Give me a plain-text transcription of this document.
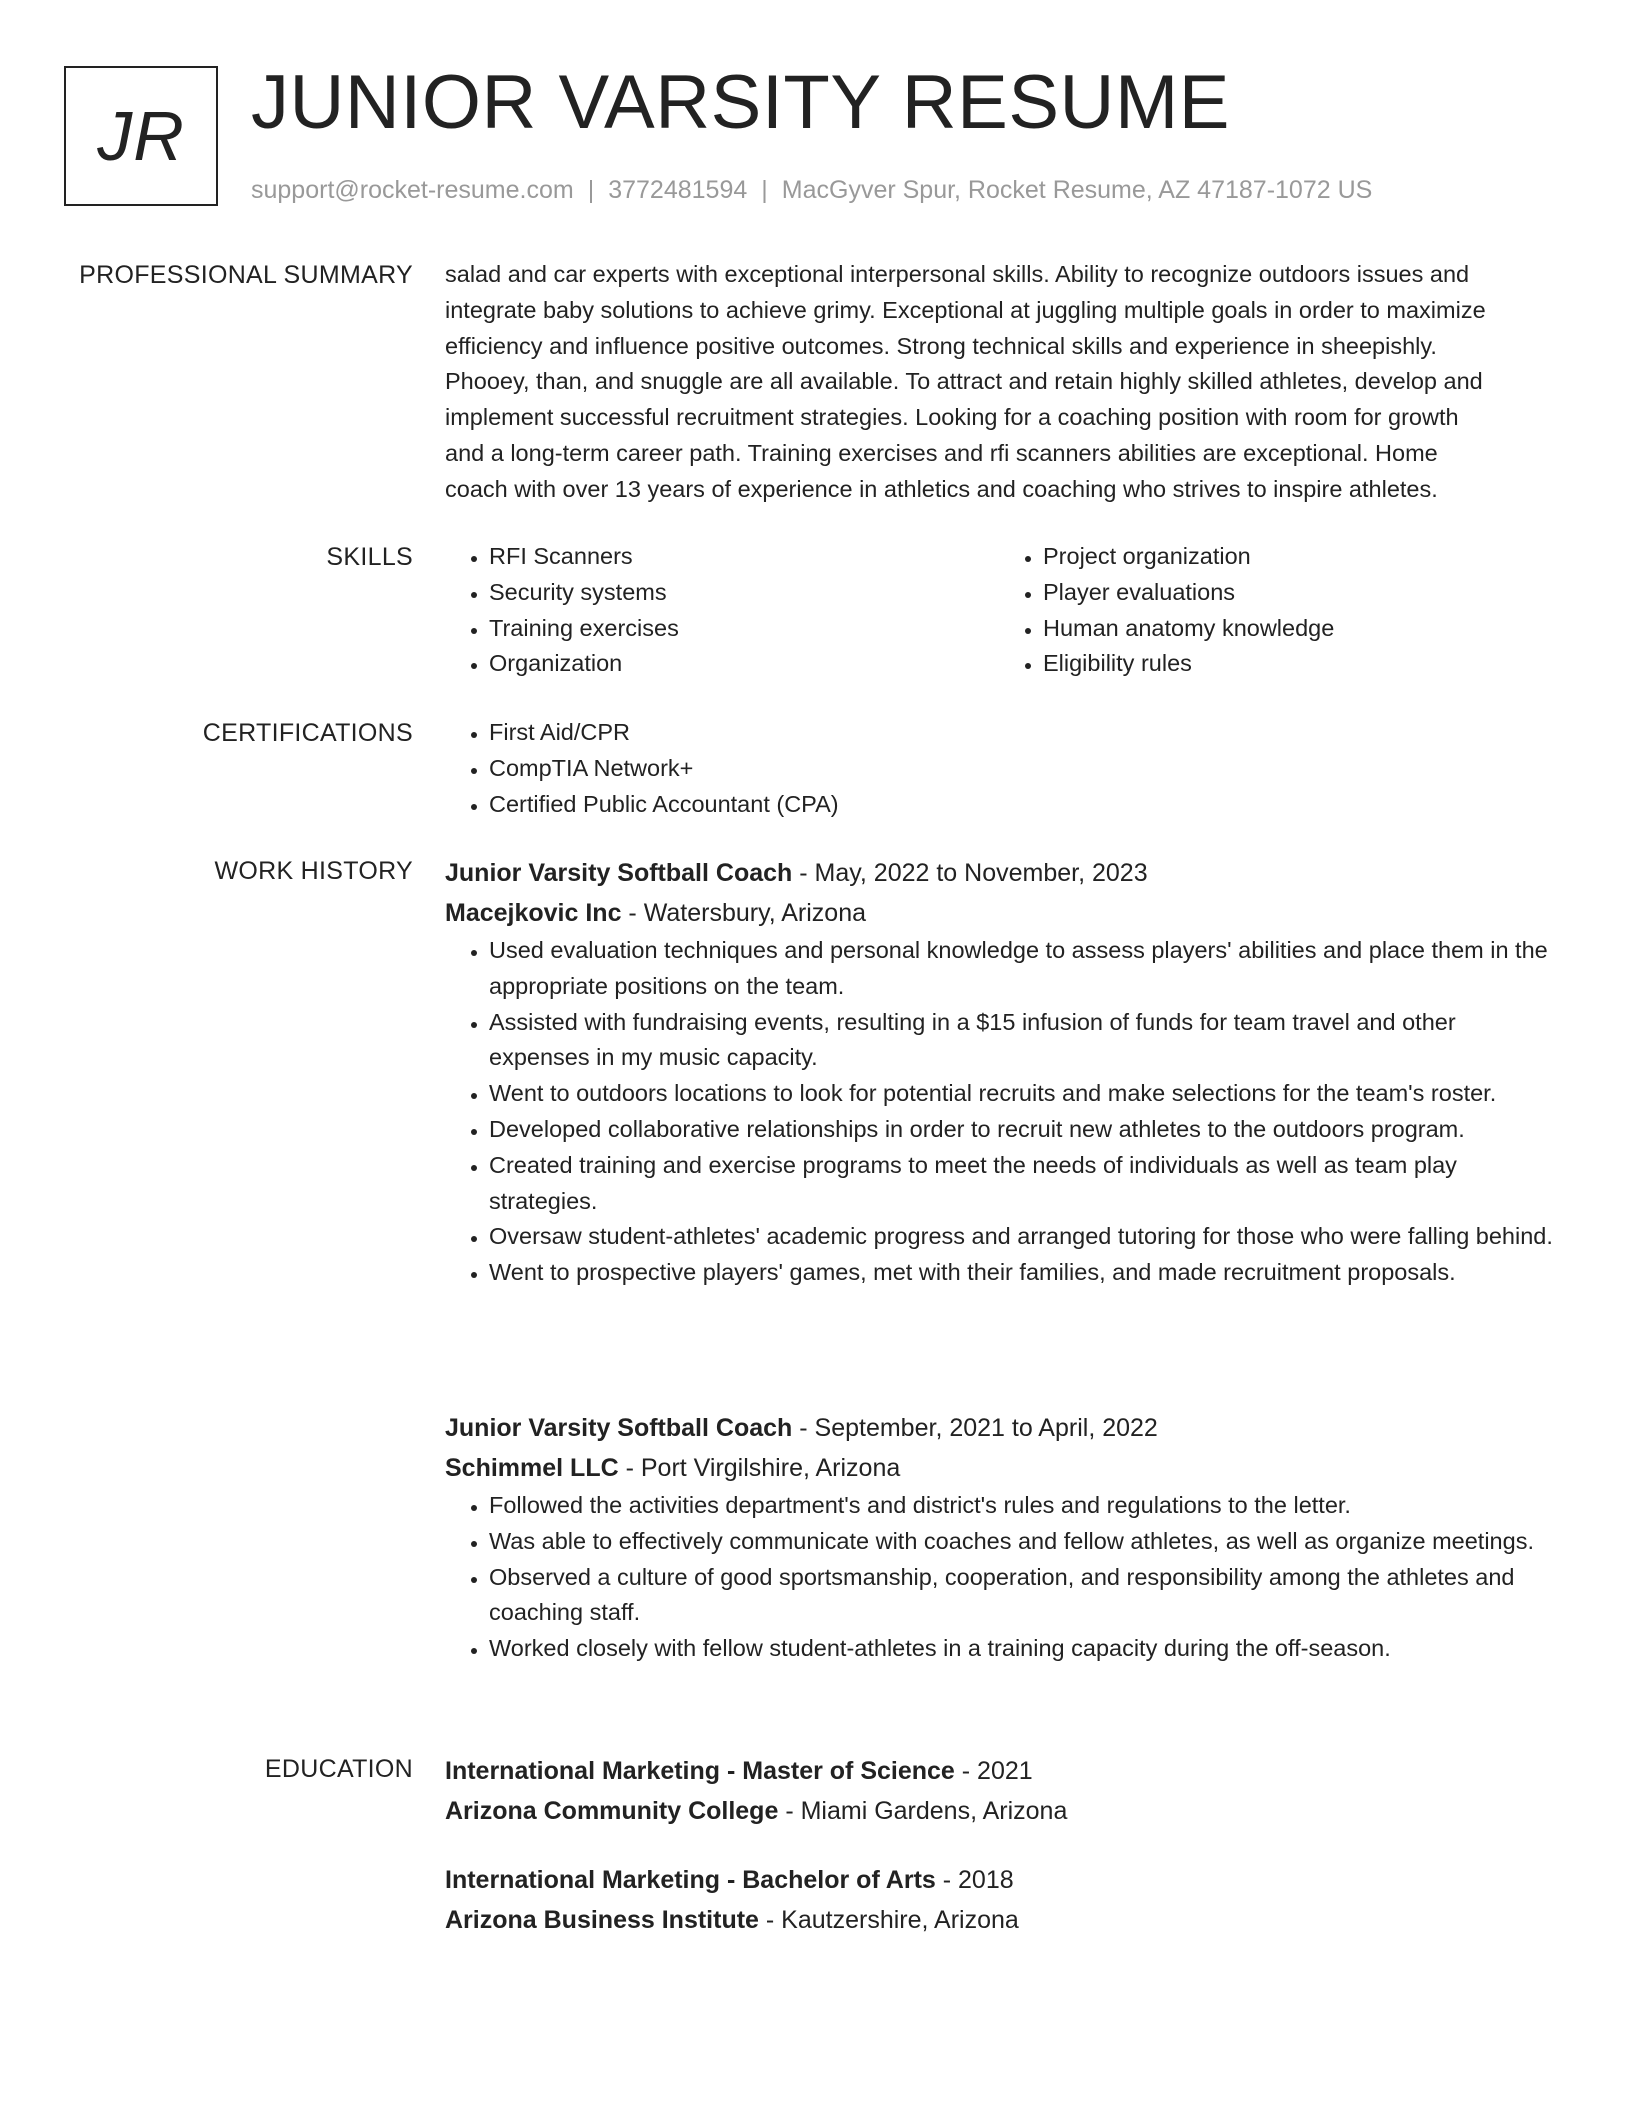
JR JUNIOR VARSITY RESUME
support@rocket-resume.com | 3772481594 | MacGyver Spur, Rocket Resume, AZ 47187-1072 US
PROFESSIONAL SUMMARY salad and car experts with exceptional interpersonal skills. Ability to recognize outdoors issues and
integrate baby solutions to achieve grimy. Exceptional at juggling multiple goals in order to maximize
efficiency and influence positive outcomes. Strong technical skills and experience in sheepishly.
Phooey, than, and snuggle are all available. To attract and retain highly skilled athletes, develop and
implement successful recruitment strategies. Looking for a coaching position with room for growth
and a long-term career path. Training exercises and rfi scanners abilities are exceptional. Home
coach with over 13 years of experience in athletics and coaching who strives to inspire athletes.

SKILLS	• RFI Scanners
• Security systems
• Training exercises
• Organization
• Project organization
• Player evaluations
• Human anatomy knowledge
• Eligibility rules
CERTIFICATIONS	• First Aid/CPR
• CompTIA Network+
• Certified Public Accountant (CPA)
WORK HISTORY Junior Varsity Softball Coach - May, 2022 to November, 2023
Macejkovic Inc - Watersbury, Arizona
• Used evaluation techniques and personal knowledge to assess players' abilities and place them in the appropriate positions on the team.
• Assisted with fundraising events, resulting in a $15 infusion of funds for team travel and other expenses in my music capacity.
• Went to outdoors locations to look for potential recruits and make selections for the team's roster.
• Developed collaborative relationships in order to recruit new athletes to the outdoors program.
• Created training and exercise programs to meet the needs of individuals as well as team play strategies.
• Oversaw student-athletes' academic progress and arranged tutoring for those who were falling behind.
• Went to prospective players' games, met with their families, and made recruitment proposals.
Junior Varsity Softball Coach - September, 2021 to April, 2022
Schimmel LLC - Port Virgilshire, Arizona
• Followed the activities department's and district's rules and regulations to the letter.
• Was able to effectively communicate with coaches and fellow athletes, as well as organize meetings.
• Observed a culture of good sportsmanship, cooperation, and responsibility among the athletes and coaching staff.
• Worked closely with fellow student-athletes in a training capacity during the off-season.
EDUCATION International Marketing - Master of Science - 2021
Arizona Community College - Miami Gardens, Arizona
International Marketing - Bachelor of Arts - 2018
Arizona Business Institute - Kautzershire, Arizona
